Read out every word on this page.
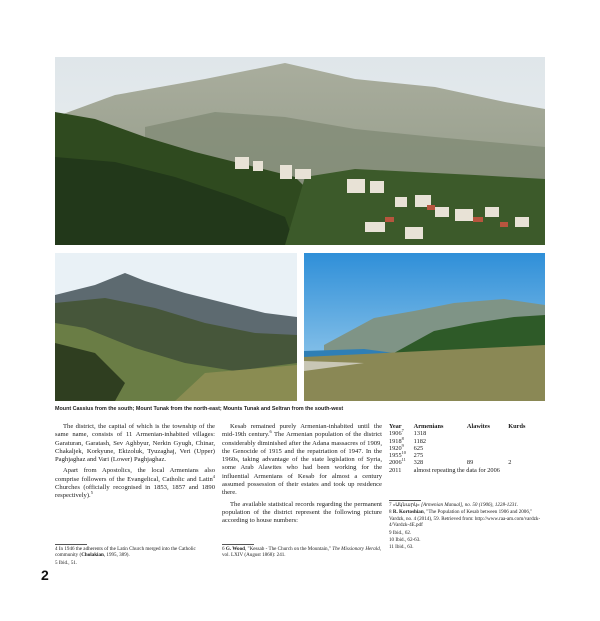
Mount Cassius from the south; Mount Tunak from the north-east; Mounts Tunak and Seltran from the south-west

The district, the capital of which is the township of the same name, consists of 11 Armenian-inhabited villages: Garaturan, Garatash, Sev Aghbyur, Nerkin Gyugh, Chinar, Chakaljek, Korkyune, Ekizoluk, Tyuzaghaj, Veri (Upper) Paghjaghaz and Vari (Lower) Paghjaghaz.

Apart from Apostolics, the local Armenians also comprise followers of the Evangelical, Catholic and Latin$^4$ Churches (officially recognised in 1853, 1857 and 1890 respectively).$^5$

Kesab remained purely Armenian-inhabited until the mid-19th century.$^6$ The Armenian population of the district considerably diminished after the Adana massacres of 1909, the Genocide of 1915 and the repatriation of 1947. In the 1960s, taking advantage of the state legislation of Syria, some Arab Alawites who had been working for the influential Armenians of Kesab for almost a century assumed possession of their estates and took up residence there.

The available statistical records regarding the permanent population of the district represent the following picture according to house numbers:

Year	Armenians	Alawites	Kurds
1906$^7$	1318		
1918$^8$	1182		
1920$^9$	625		
1955$^{10}$	275		
2006$^{11}$	328	89	2
2011	almost repeating the data for 2006		
4 In 1946 the adherents of the Latin Church merged into the Catholic community (Cholakian, 1995, 389).
5 Ibid., 51.
6 G. Wood, "Kessab - The Church on the Mountain," The Missionary Herald, vol. LXIV (August 1868): 241.
7 «Ակնարկ» [Armenian Manual], no. 50 (1906), 1228-1231.
8 R. Kortoshian, "The Population of Kesab between 1906 and 2006," Vardzk, no. 4 (2014), 59. Retrieved from: http://www.raa-am.com/vardzk-4/Vardzk-4E.pdf
9 Ibid., 62.
10 Ibid., 62-63.
11 Ibid., 63.
2
